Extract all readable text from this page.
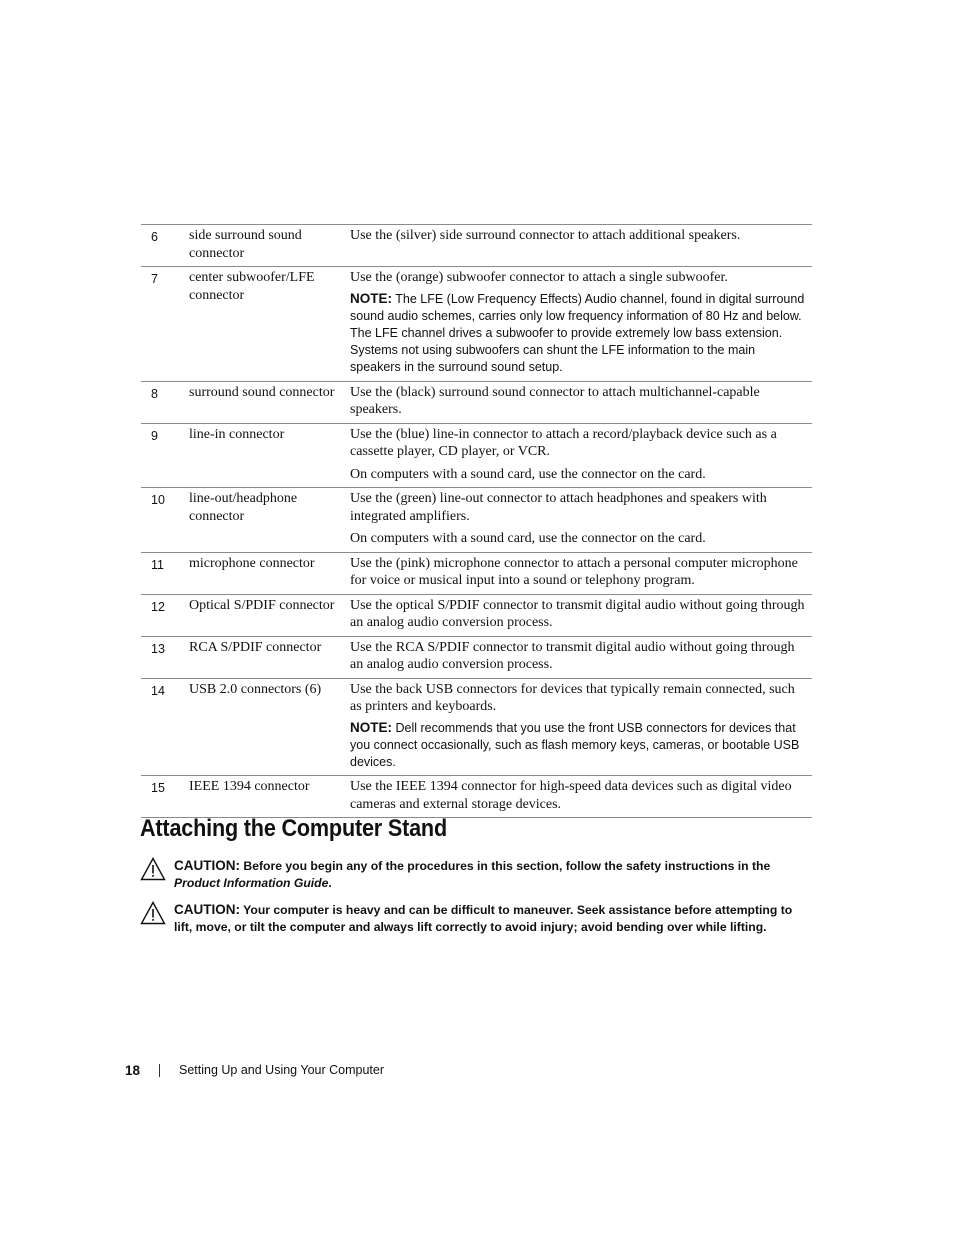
6	side surround sound connector	Use the (silver) side surround connector to attach additional speakers.

7	center subwoofer/LFE connector	Use the (orange) subwoofer connector to attach a single subwoofer.
NOTE: The LFE (Low Frequency Effects) Audio channel, found in digital surround sound audio schemes, carries only low frequency information of 80 Hz and below. The LFE channel drives a subwoofer to provide extremely low bass extension. Systems not using subwoofers can shunt the LFE information to the main speakers in the surround sound setup.

8	surround sound connector	Use the (black) surround sound connector to attach multichannel-capable speakers.

9	line-in connector	Use the (blue) line-in connector to attach a record/playback device such as a cassette player, CD player, or VCR.
On computers with a sound card, use the connector on the card.

10	line-out/headphone connector	Use the (green) line-out connector to attach headphones and speakers with integrated amplifiers.
On computers with a sound card, use the connector on the card.

11	microphone connector	Use the (pink) microphone connector to attach a personal computer microphone for voice or musical input into a sound or telephony program.

12	Optical S/PDIF connector	Use the optical S/PDIF connector to transmit digital audio without going through an analog audio conversion process.

13	RCA S/PDIF connector	Use the RCA S/PDIF connector to transmit digital audio without going through an analog audio conversion process.

14	USB 2.0 connectors (6)	Use the back USB connectors for devices that typically remain connected, such as printers and keyboards.
NOTE: Dell recommends that you use the front USB connectors for devices that you connect occasionally, such as flash memory keys, cameras, or bootable USB devices.

15	IEEE 1394 connector	Use the IEEE 1394 connector for high-speed data devices such as digital video cameras and external storage devices.
Attaching the Computer Stand
CAUTION: Before you begin any of the procedures in this section, follow the safety instructions in the Product Information Guide.
CAUTION: Your computer is heavy and can be difficult to maneuver. Seek assistance before attempting to lift, move, or tilt the computer and always lift correctly to avoid injury; avoid bending over while lifting.
18	Setting Up and Using Your Computer
